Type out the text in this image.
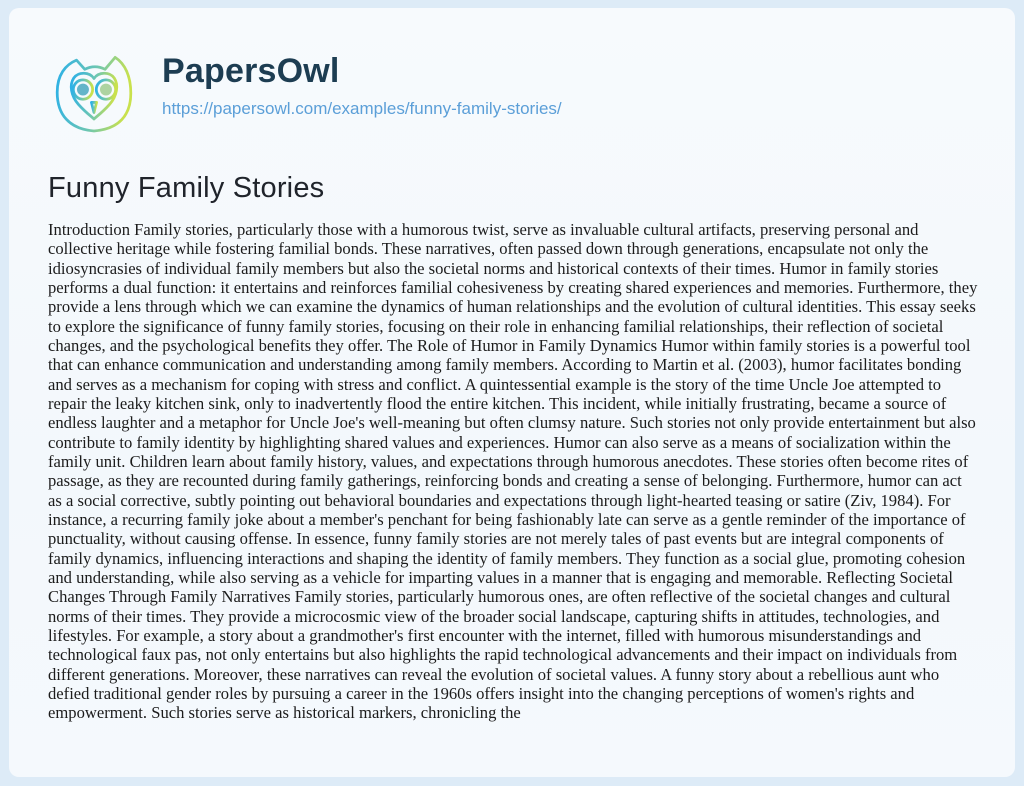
PapersOwl
https://papersowl.com/examples/funny-family-stories/
Funny Family Stories

Introduction Family stories, particularly those with a humorous twist, serve as invaluable cultural artifacts, preserving personal and collective heritage while fostering familial bonds. These narratives, often passed down through generations, encapsulate not only the idiosyncrasies of individual family members but also the societal norms and historical contexts of their times. Humor in family stories performs a dual function: it entertains and reinforces familial cohesiveness by creating shared experiences and memories. Furthermore, they provide a lens through which we can examine the dynamics of human relationships and the evolution of cultural identities. This essay seeks to explore the significance of funny family stories, focusing on their role in enhancing familial relationships, their reflection of societal changes, and the psychological benefits they offer. The Role of Humor in Family Dynamics Humor within family stories is a powerful tool that can enhance communication and understanding among family members. According to Martin et al. (2003), humor facilitates bonding and serves as a mechanism for coping with stress and conflict. A quintessential example is the story of the time Uncle Joe attempted to repair the leaky kitchen sink, only to inadvertently flood the entire kitchen. This incident, while initially frustrating, became a source of endless laughter and a metaphor for Uncle Joe's well-meaning but often clumsy nature. Such stories not only provide entertainment but also contribute to family identity by highlighting shared values and experiences. Humor can also serve as a means of socialization within the family unit. Children learn about family history, values, and expectations through humorous anecdotes. These stories often become rites of passage, as they are recounted during family gatherings, reinforcing bonds and creating a sense of belonging. Furthermore, humor can act as a social corrective, subtly pointing out behavioral boundaries and expectations through light-hearted teasing or satire (Ziv, 1984). For instance, a recurring family joke about a member's penchant for being fashionably late can serve as a gentle reminder of the importance of punctuality, without causing offense. In essence, funny family stories are not merely tales of past events but are integral components of family dynamics, influencing interactions and shaping the identity of family members. They function as a social glue, promoting cohesion and understanding, while also serving as a vehicle for imparting values in a manner that is engaging and memorable. Reflecting Societal Changes Through Family Narratives Family stories, particularly humorous ones, are often reflective of the societal changes and cultural norms of their times. They provide a microcosmic view of the broader social landscape, capturing shifts in attitudes, technologies, and lifestyles. For example, a story about a grandmother's first encounter with the internet, filled with humorous misunderstandings and technological faux pas, not only entertains but also highlights the rapid technological advancements and their impact on individuals from different generations. Moreover, these narratives can reveal the evolution of societal values. A funny story about a rebellious aunt who defied traditional gender roles by pursuing a career in the 1960s offers insight into the changing perceptions of women's rights and empowerment. Such stories serve as historical markers, chronicling the
